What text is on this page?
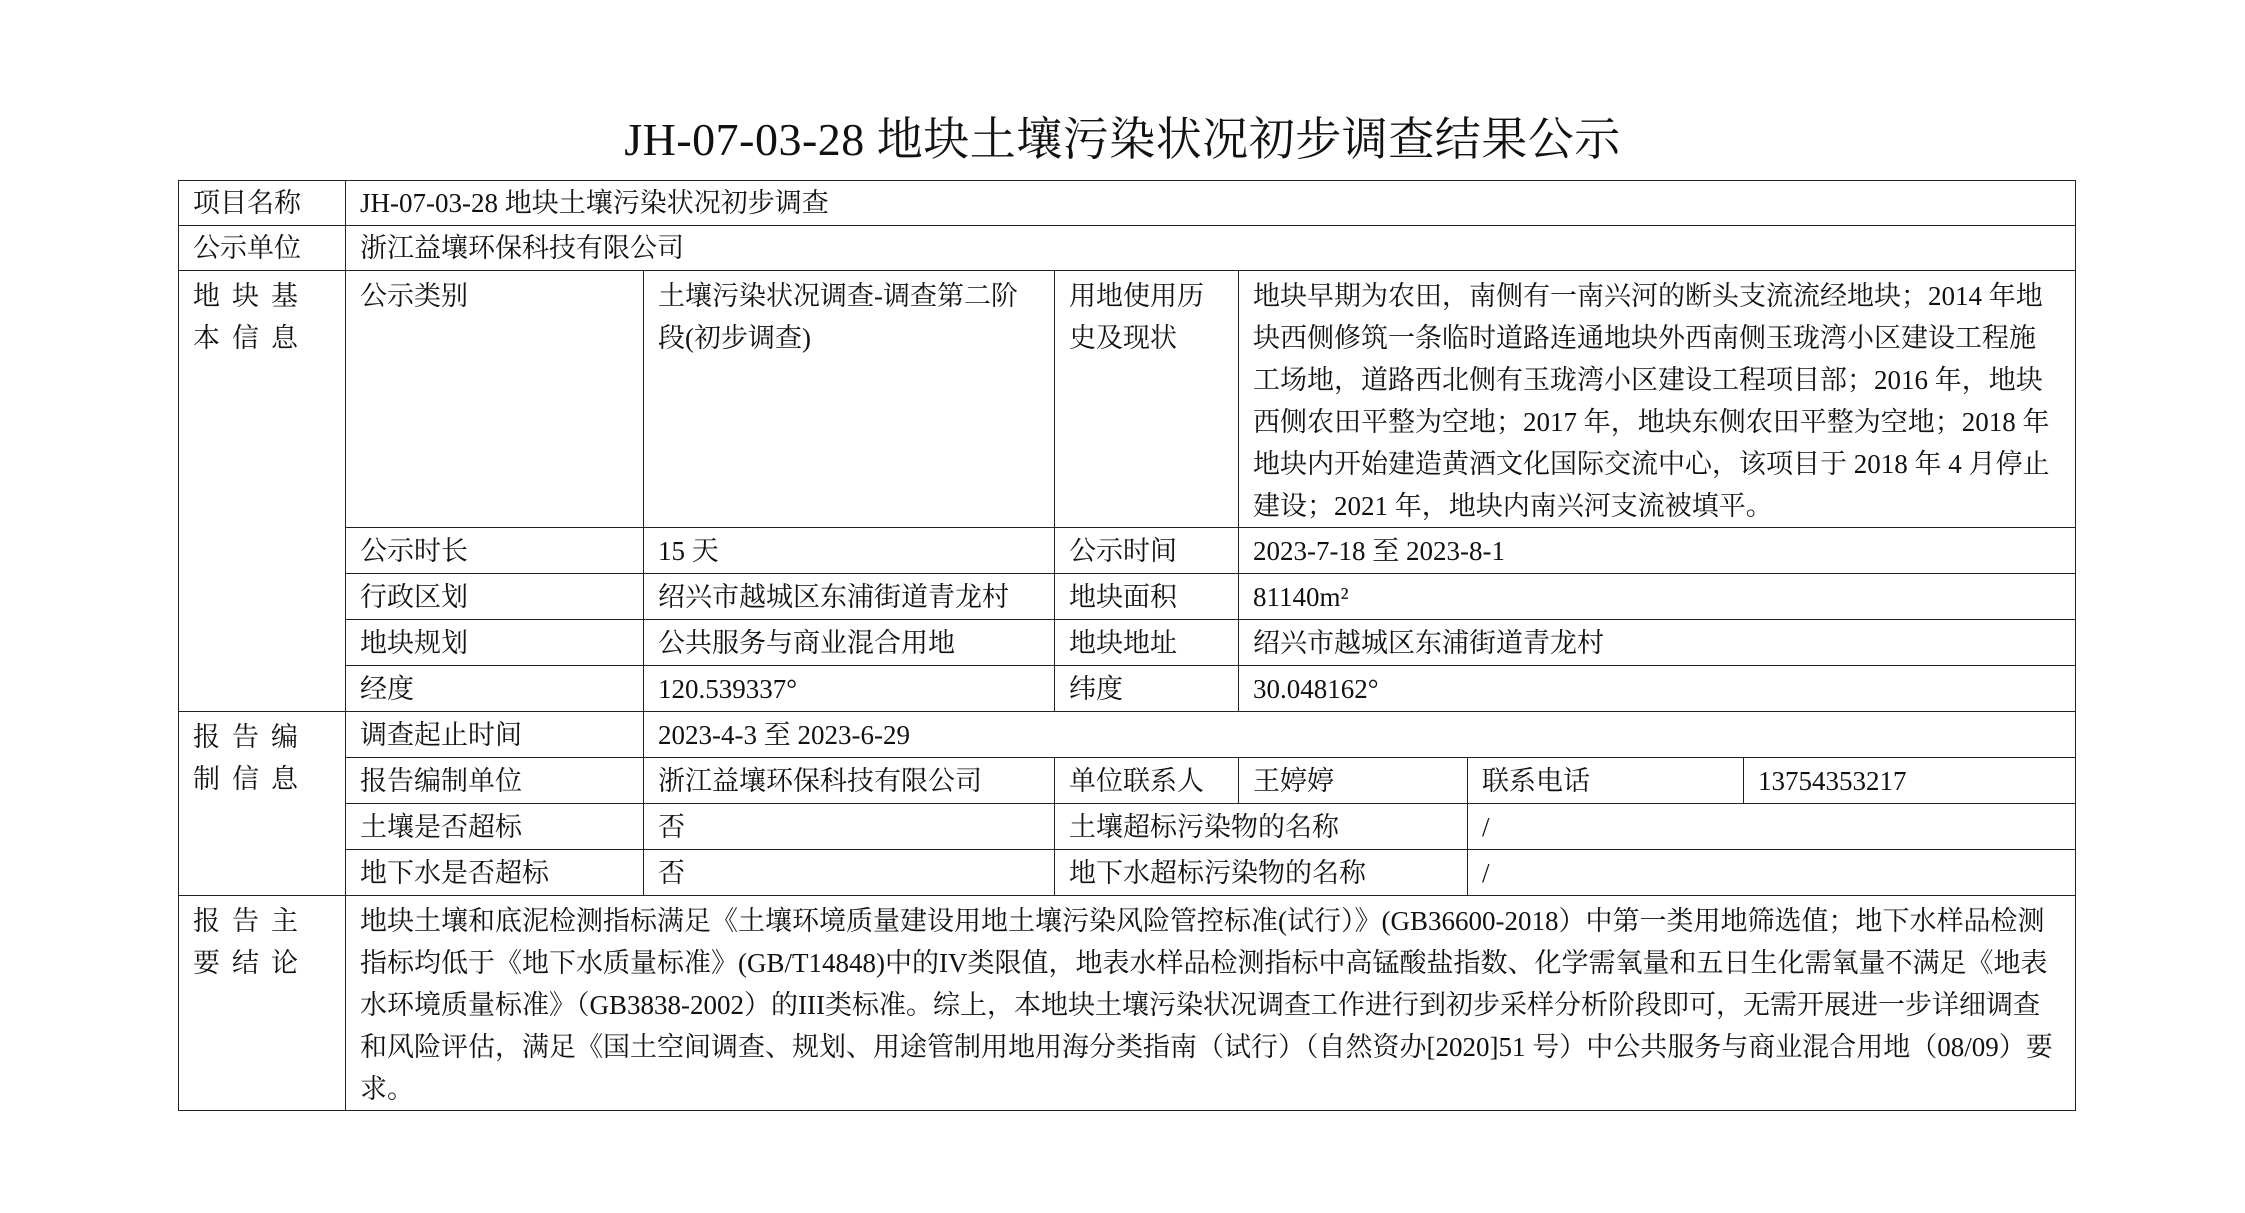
JH-07-03-28 地块土壤污染状况初步调查结果公示
项目名称	JH-07-03-28 地块土壤污染状况初步调查					
公示单位	浙江益壤环保科技有限公司					
地块基本信息	公示类别	土壤污染状况调查-调查第二阶段(初步调查)	用地使用历史及现状	地块早期为农田，南侧有一南兴河的断头支流流经地块；2014 年地块西侧修筑一条临时道路连通地块外西南侧玉珑湾小区建设工程施工场地，道路西北侧有玉珑湾小区建设工程项目部；2016 年，地块西侧农田平整为空地；2017 年，地块东侧农田平整为空地；2018 年地块内开始建造黄酒文化国际交流中心，该项目于 2018 年 4 月停止建设；2021 年，地块内南兴河支流被填平。		
	公示时长	15 天	公示时间	2023-7-18 至 2023-8-1		
	行政区划	绍兴市越城区东浦街道青龙村	地块面积	81140m²		
	地块规划	公共服务与商业混合用地	地块地址	绍兴市越城区东浦街道青龙村		
	经度	120.539337°	纬度	30.048162°		
报告编制信息	调查起止时间	2023-4-3 至 2023-6-29				
	报告编制单位	浙江益壤环保科技有限公司	单位联系人	王婷婷	联系电话	13754353217
	土壤是否超标	否	土壤超标污染物的名称		/	
	地下水是否超标	否	地下水超标污染物的名称		/	
报告主要结论	地块土壤和底泥检测指标满足《土壤环境质量建设用地土壤污染风险管控标准(试行）》(GB36600-2018）中第一类用地筛选值；地下水样品检测指标均低于《地下水质量标准》(GB/T14848)中的IV类限值，地表水样品检测指标中高锰酸盐指数、化学需氧量和五日生化需氧量不满足《地表水环境质量标准》（GB3838-2002）的III类标准。综上，本地块土壤污染状况调查工作进行到初步采样分析阶段即可，无需开展进一步详细调查和风险评估，满足《国土空间调查、规划、用途管制用地用海分类指南（试行）（自然资办[2020]51 号）中公共服务与商业混合用地（08/09）要求。					
